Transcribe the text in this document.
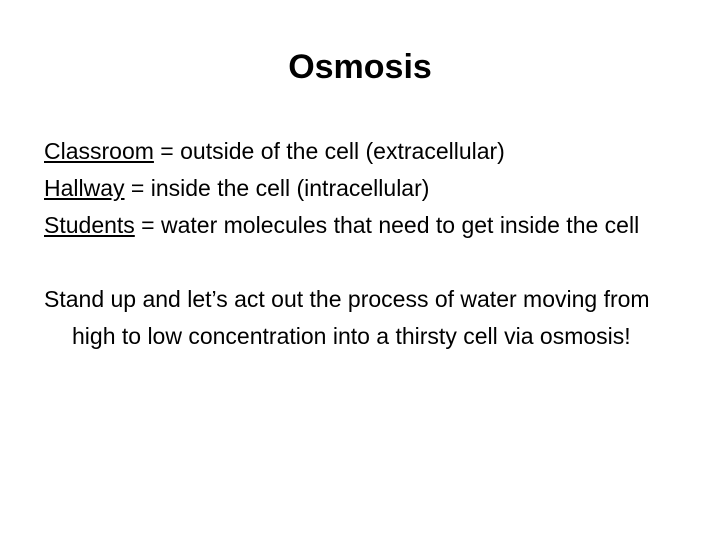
Osmosis

Classroom = outside of the cell (extracellular)

Hallway = inside the cell (intracellular)

Students = water molecules that need to get inside the cell

Stand up and let’s act out the process of water moving from high to low concentration into a thirsty cell via osmosis!
